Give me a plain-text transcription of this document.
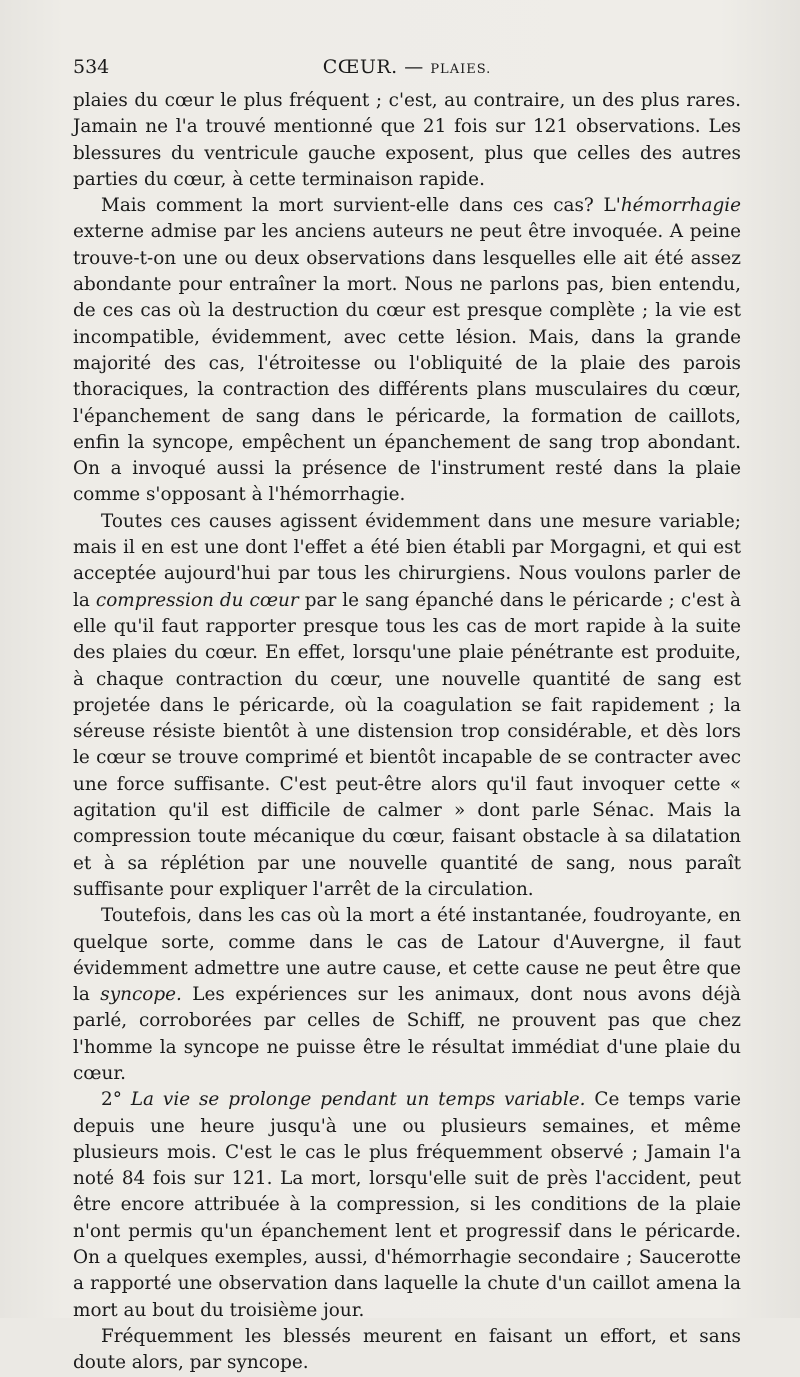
534	CŒUR. — PLAIES.

plaies du cœur le plus fréquent ; c'est, au contraire, un des plus rares. Jamain ne l'a trouvé mentionné que 21 fois sur 121 observations. Les blessures du ventricule gauche exposent, plus que celles des autres parties du cœur, à cette terminaison rapide.

Mais comment la mort survient-elle dans ces cas? L'hémorrhagie externe admise par les anciens auteurs ne peut être invoquée. A peine trouve-t-on une ou deux observations dans lesquelles elle ait été assez abondante pour entraîner la mort. Nous ne parlons pas, bien entendu, de ces cas où la destruction du cœur est presque complète ; la vie est incompatible, évidemment, avec cette lésion. Mais, dans la grande majorité des cas, l'étroitesse ou l'obliquité de la plaie des parois thoraciques, la contraction des différents plans musculaires du cœur, l'épanchement de sang dans le péricarde, la formation de caillots, enfin la syncope, empêchent un épanchement de sang trop abondant. On a invoqué aussi la présence de l'instrument resté dans la plaie comme s'opposant à l'hémorrhagie.

Toutes ces causes agissent évidemment dans une mesure variable; mais il en est une dont l'effet a été bien établi par Morgagni, et qui est acceptée aujourd'hui par tous les chirurgiens. Nous voulons parler de la compression du cœur par le sang épanché dans le péricarde ; c'est à elle qu'il faut rapporter presque tous les cas de mort rapide à la suite des plaies du cœur. En effet, lorsqu'une plaie pénétrante est produite, à chaque contraction du cœur, une nouvelle quantité de sang est projetée dans le péricarde, où la coagulation se fait rapidement ; la séreuse résiste bientôt à une distension trop considérable, et dès lors le cœur se trouve comprimé et bientôt incapable de se contracter avec une force suffisante. C'est peut-être alors qu'il faut invoquer cette « agitation qu'il est difficile de calmer » dont parle Sénac. Mais la compression toute mécanique du cœur, faisant obstacle à sa dilatation et à sa réplétion par une nouvelle quantité de sang, nous paraît suffisante pour expliquer l'arrêt de la circulation.

Toutefois, dans les cas où la mort a été instantanée, foudroyante, en quelque sorte, comme dans le cas de Latour d'Auvergne, il faut évidemment admettre une autre cause, et cette cause ne peut être que la syncope. Les expériences sur les animaux, dont nous avons déjà parlé, corroborées par celles de Schiff, ne prouvent pas que chez l'homme la syncope ne puisse être le résultat immédiat d'une plaie du cœur.

2° La vie se prolonge pendant un temps variable. Ce temps varie depuis une heure jusqu'à une ou plusieurs semaines, et même plusieurs mois. C'est le cas le plus fréquemment observé ; Jamain l'a noté 84 fois sur 121. La mort, lorsqu'elle suit de près l'accident, peut être encore attribuée à la compression, si les conditions de la plaie n'ont permis qu'un épanchement lent et progressif dans le péricarde. On a quelques exemples, aussi, d'hémorrhagie secondaire ; Saucerotte a rapporté une observation dans laquelle la chute d'un caillot amena la mort au bout du troisième jour.

Fréquemment les blessés meurent en faisant un effort, et sans doute alors, par syncope.
